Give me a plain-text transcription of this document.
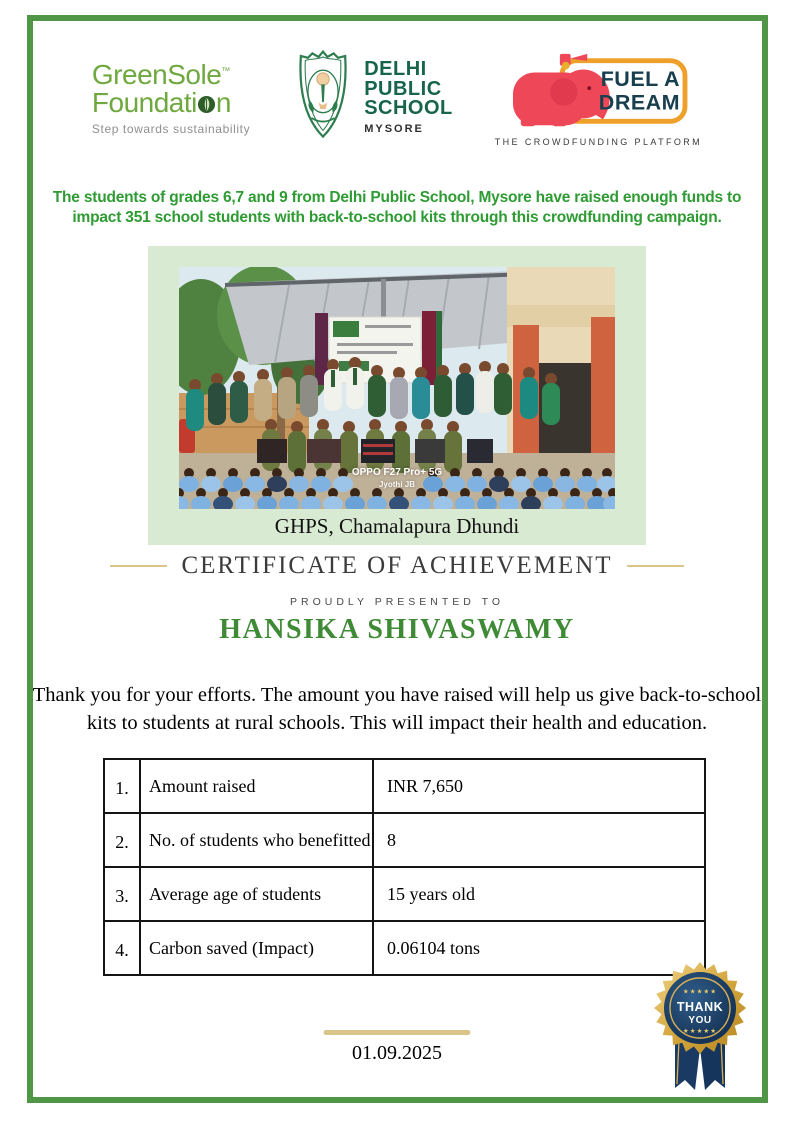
GreenSole™
Foundati n
Step towards sustainability
DELHI
PUBLIC
SCHOOL
MYSORE
FUEL A
DREAM
THE CROWDFUNDING PLATFORM

The students of grades 6,7 and 9 from Delhi Public School, Mysore have raised enough funds to impact 351 school students with back-to-school kits through this crowdfunding campaign.

OPPO F27 Pro+ 5G
Jyothi JB
GHPS, Chamalapura Dhundi
CERTIFICATE OF ACHIEVEMENT
PROUDLY PRESENTED TO
HANSIKA SHIVASWAMY

Thank you for your efforts. The amount you have raised will help us give back-to-school kits to students at rural schools. This will impact their health and education.

1.	Amount raised	INR 7,650
2.	No. of students who benefitted	8
3.	Average age of students	15 years old
4.	Carbon saved (Impact)	0.06104 tons
01.09.2025
★★★★★
THANK
YOU
★★★★★
